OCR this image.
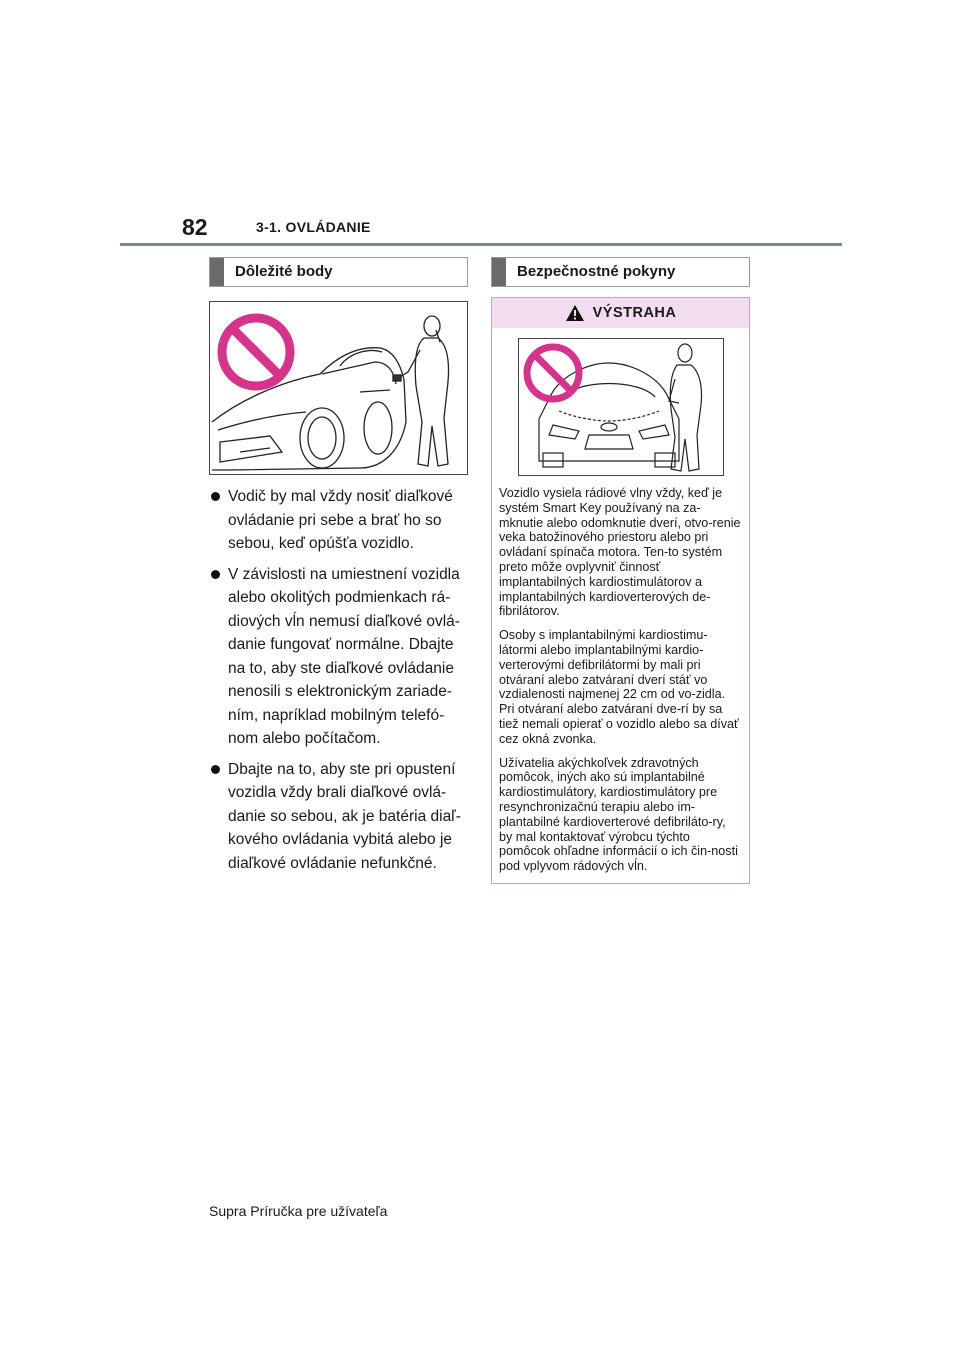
82	3-1. OVLÁDANIE
Dôležité body
Vodič by mal vždy nosiť diaľkové ovládanie pri sebe a brať ho so sebou, keď opúšťa vozidlo.
V závislosti na umiestnení vozidla alebo okolitých podmienkach rá-diových vĺn nemusí diaľkové ovlá-danie fungovať normálne. Dbajte na to, aby ste diaľkové ovládanie nenosili s elektronickým zariade-ním, napríklad mobilným telefó-nom alebo počítačom.
Dbajte na to, aby ste pri opustení vozidla vždy brali diaľkové ovlá-danie so sebou, ak je batéria diaľ-kového ovládania vybitá alebo je diaľkové ovládanie nefunkčné.
Bezpečnostné pokyny
VÝSTRAHA

Vozidlo vysiela rádiové vlny vždy, keď je systém Smart Key používaný na za-mknutie alebo odomknutie dverí, otvo-renie veka batožinového priestoru alebo pri ovládaní spínača motora. Ten-to systém preto môže ovplyvniť činnosť implantabilných kardiostimulátorov a implantabilných kardioverterových de-fibrilátorov.

Osoby s implantabilnými kardiostimu-látormi alebo implantabilnými kardio-verterovými defibrilátormi by mali pri otváraní alebo zatváraní dverí stáť vo vzdialenosti najmenej 22 cm od vo-zidla. Pri otváraní alebo zatváraní dve-rí by sa tiež nemali opierať o vozidlo alebo sa dívať cez okná zvonka.

Užívatelia akýchkoľvek zdravotných pomôcok, iných ako sú implantabilné kardiostimulátory, kardiostimulátory pre resynchronizačnú terapiu alebo im-plantabilné kardioverterové defibriláto-ry, by mal kontaktovať výrobcu týchto pomôcok ohľadne informácií o ich čin-nosti pod vplyvom rádových vĺn.

Supra Príručka pre užívateľa
